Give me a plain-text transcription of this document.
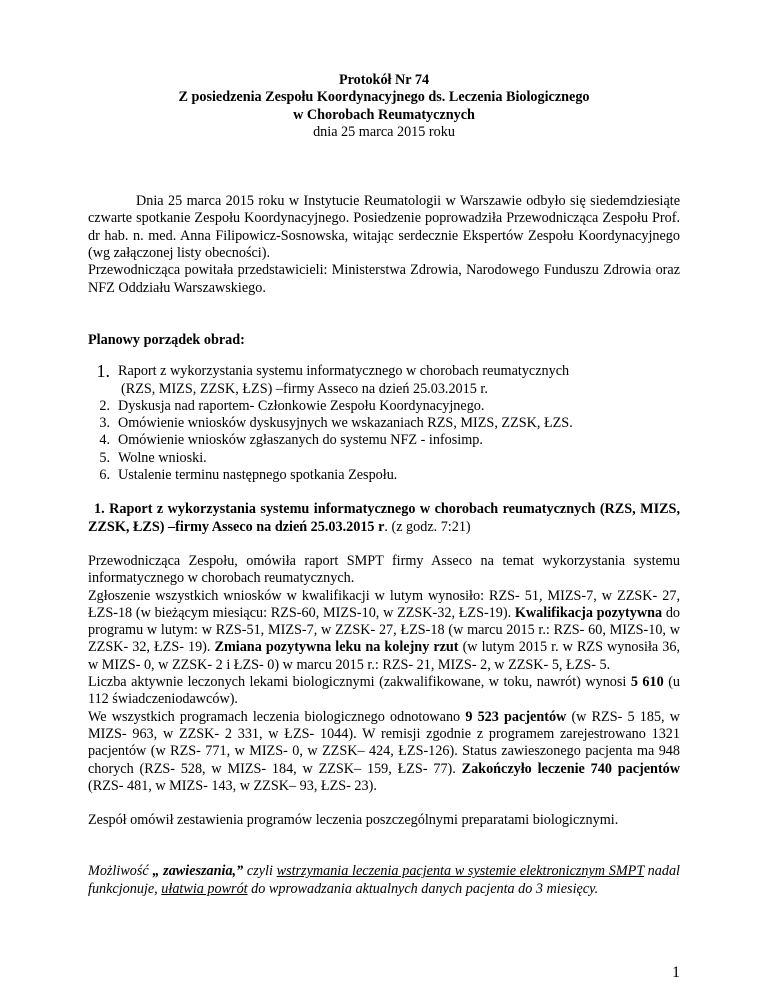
Protokół Nr 74
Z posiedzenia Zespołu Koordynacyjnego ds. Leczenia Biologicznego
w Chorobach Reumatycznych
dnia 25 marca 2015 roku

Dnia 25 marca 2015 roku w Instytucie Reumatologii w Warszawie odbyło się siedemdziesiąte czwarte spotkanie Zespołu Koordynacyjnego. Posiedzenie poprowadziła Przewodnicząca Zespołu Prof. dr hab. n. med. Anna Filipowicz-Sosnowska, witając serdecznie Ekspertów Zespołu Koordynacyjnego (wg załączonej listy obecności).

Przewodnicząca powitała przedstawicieli: Ministerstwa Zdrowia, Narodowego Funduszu Zdrowia oraz NFZ Oddziału Warszawskiego.

Planowy porządek obrad:
1. Raport z wykorzystania systemu informatycznego w chorobach reumatycznych
(RZS, MIZS, ZZSK, ŁZS) –firmy Asseco na dzień 25.03.2015 r.
2. Dyskusja nad raportem- Członkowie Zespołu Koordynacyjnego.
3. Omówienie wniosków dyskusyjnych we wskazaniach RZS, MIZS, ZZSK, ŁZS.
4. Omówienie wniosków zgłaszanych do systemu NFZ - infosimp.
5. Wolne wnioski.
6. Ustalenie terminu następnego spotkania Zespołu.
1. Raport z wykorzystania systemu informatycznego w chorobach reumatycznych (RZS, MIZS, ZZSK, ŁZS) –firmy Asseco na dzień 25.03.2015 r. (z godz. 7:21)

Przewodnicząca Zespołu, omówiła raport SMPT firmy Asseco na temat wykorzystania systemu informatycznego w chorobach reumatycznych.
Zgłoszenie wszystkich wniosków w kwalifikacji w lutym wynosiło: RZS- 51, MIZS-7, w ZZSK- 27, ŁZS-18 (w bieżącym miesiącu: RZS-60, MIZS-10, w ZZSK-32, ŁZS-19). Kwalifikacja pozytywna do programu w lutym: w RZS-51, MIZS-7, w ZZSK- 27, ŁZS-18 (w marcu 2015 r.: RZS- 60, MIZS-10, w ZZSK- 32, ŁZS- 19). Zmiana pozytywna leku na kolejny rzut (w lutym 2015 r. w RZS wynosiła 36, w MIZS- 0, w ZZSK- 2 i ŁZS- 0) w marcu 2015 r.: RZS- 21, MIZS- 2, w ZZSK- 5, ŁZS- 5.
Liczba aktywnie leczonych lekami biologicznymi (zakwalifikowane, w toku, nawrót) wynosi 5 610 (u 112 świadczeniodawców).
We wszystkich programach leczenia biologicznego odnotowano 9 523 pacjentów (w RZS- 5 185, w MIZS- 963, w ZZSK- 2 331, w ŁZS- 1044). W remisji zgodnie z programem zarejestrowano 1321 pacjentów (w RZS- 771, w MIZS- 0, w ZZSK– 424, ŁZS-126). Status zawieszonego pacjenta ma 948 chorych (RZS- 528, w MIZS- 184, w ZZSK– 159, ŁZS- 77). Zakończyło leczenie 740 pacjentów (RZS- 481, w MIZS- 143, w ZZSK– 93, ŁZS- 23).

Zespół omówił zestawienia programów leczenia poszczególnymi preparatami biologicznymi.

Możliwość „ zawieszania,” czyli wstrzymania leczenia pacjenta w systemie elektronicznym SMPT nadal funkcjonuje, ułatwia powrót do wprowadzania aktualnych danych pacjenta do 3 miesięcy.

1
